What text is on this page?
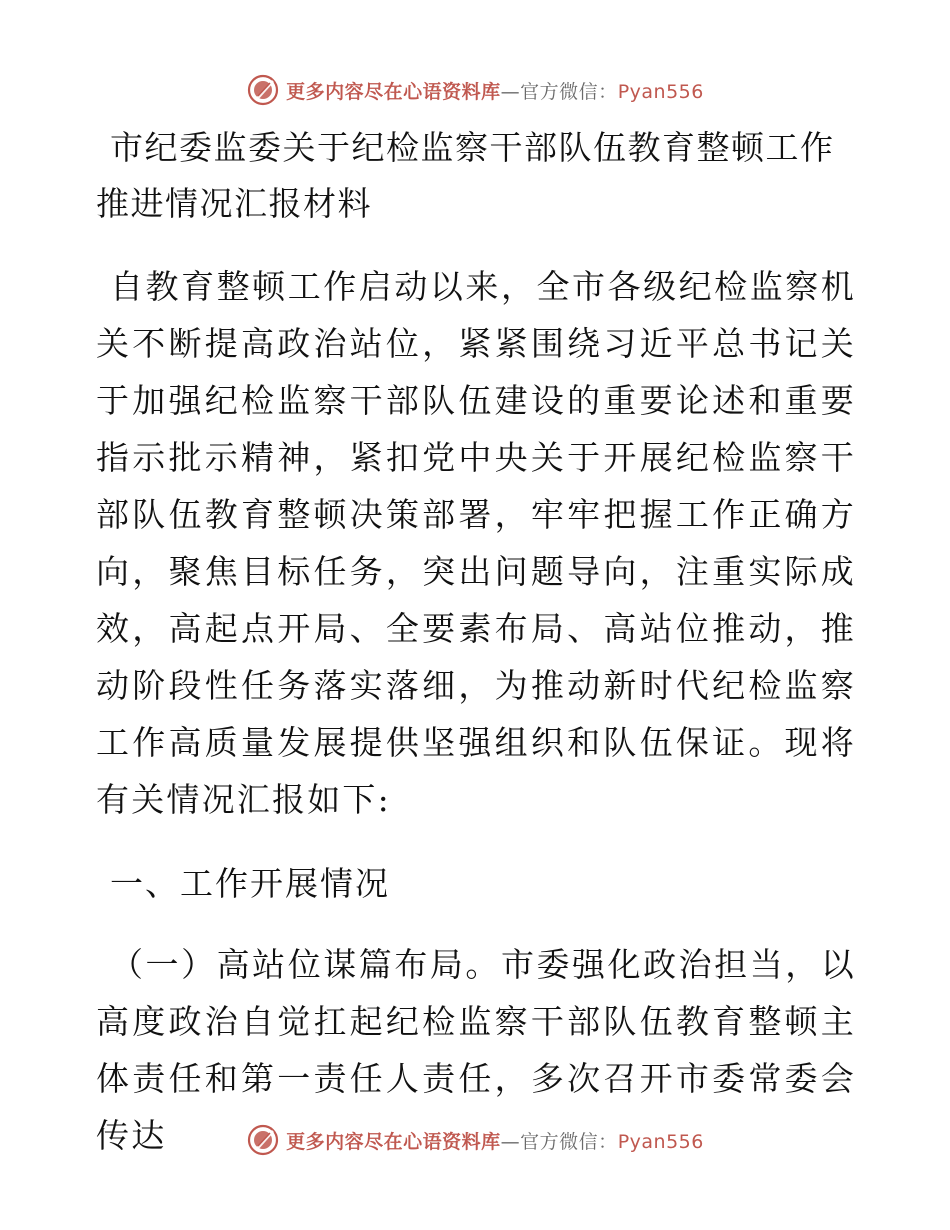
更多内容尽在心语资料库—官方微信：Pyan556

市纪委监委关于纪检监察干部队伍教育整顿工作

推进情况汇报材料

自教育整顿工作启动以来，全市各级纪检监察机关不断提高政治站位，紧紧围绕习近平总书记关于加强纪检监察干部队伍建设的重要论述和重要指示批示精神，紧扣党中央关于开展纪检监察干部队伍教育整顿决策部署，牢牢把握工作正确方向，聚焦目标任务，突出问题导向，注重实际成效，高起点开局、全要素布局、高站位推动，推动阶段性任务落实落细，为推动新时代纪检监察工作高质量发展提供坚强组织和队伍保证。现将有关情况汇报如下:

一、工作开展情况

（一）高站位谋篇布局。市委强化政治担当，以高度政治自觉扛起纪检监察干部队伍教育整顿主体责任和第一责任人责任，多次召开市委常委会传达	更多内容尽在心语资料库—官方微信：Pyan556
